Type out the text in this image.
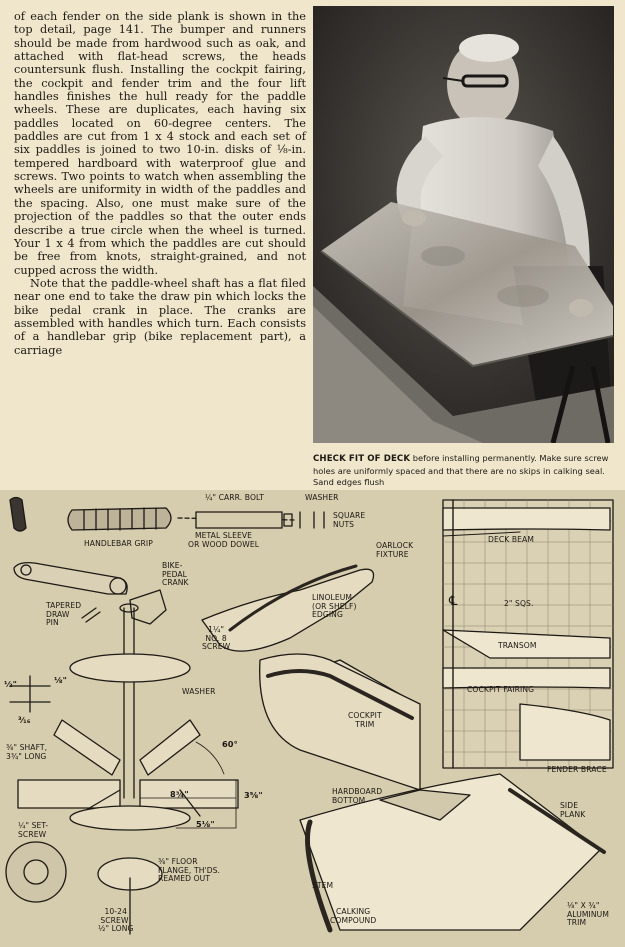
of each fender on the side plank is shown in the top detail, page 141. The bumper and runners should be made from hardwood such as oak, and attached with flat-head screws, the heads countersunk flush. Installing the cockpit fairing, the cockpit and fender trim and the four lift handles finishes the hull ready for the paddle wheels. These are duplicates, each having six paddles located on 60-degree centers. The paddles are cut from 1 x 4 stock and each set of six paddles is joined to two 10-in. disks of ⅛-in. tempered hardboard with waterproof glue and screws. Two points to watch when assembling the wheels are uniformity in width of the paddles and the spacing. Also, one must make sure of the projection of the paddles so that the outer ends describe a true circle when the wheel is turned. Your 1 x 4 from which the paddles are cut should be free from knots, straight-grained, and not cupped across the width.

Note that the paddle-wheel shaft has a flat filed near one end to take the draw pin which locks the bike pedal crank in place. The cranks are assembled with handles which turn. Each consists of a handlebar grip (bike replacement part), a carriage

CHECK FIT OF DECK before installing permanently. Make sure screw holes are uniformly spaced and that there are no skips in calking seal. Sand edges flush
¼" CARR. BOLT	WASHER
SQUARE
NUTS
HANDLEBAR GRIP
METAL SLEEVE
OR WOOD DOWEL
BIKE-
PEDAL
CRANK
TAPERED
DRAW
PIN
½"	⅛"
³⁄₁₆
WASHER
⅜" SHAFT,
3¾" LONG
60°
8¾"	3⅝"
5⅛"
¼" SET-
SCREW
⅜" FLOOR
FLANGE, TH'DS.
REAMED OUT
10-24
SCREW,
½" LONG
OARLOCK
FIXTURE
LINOLEUM
(OR SHELF)
EDGING
1¼"
NO. 8
SCREW
COCKPIT
TRIM
DECK BEAM
℄	2" SQS.
TRANSOM
COCKPIT FAIRING
FENDER BRACE
HARDBOARD
BOTTOM
SIDE
PLANK
STEM
CALKING
COMPOUND
⅛" X ¾"
ALUMINUM
TRIM
